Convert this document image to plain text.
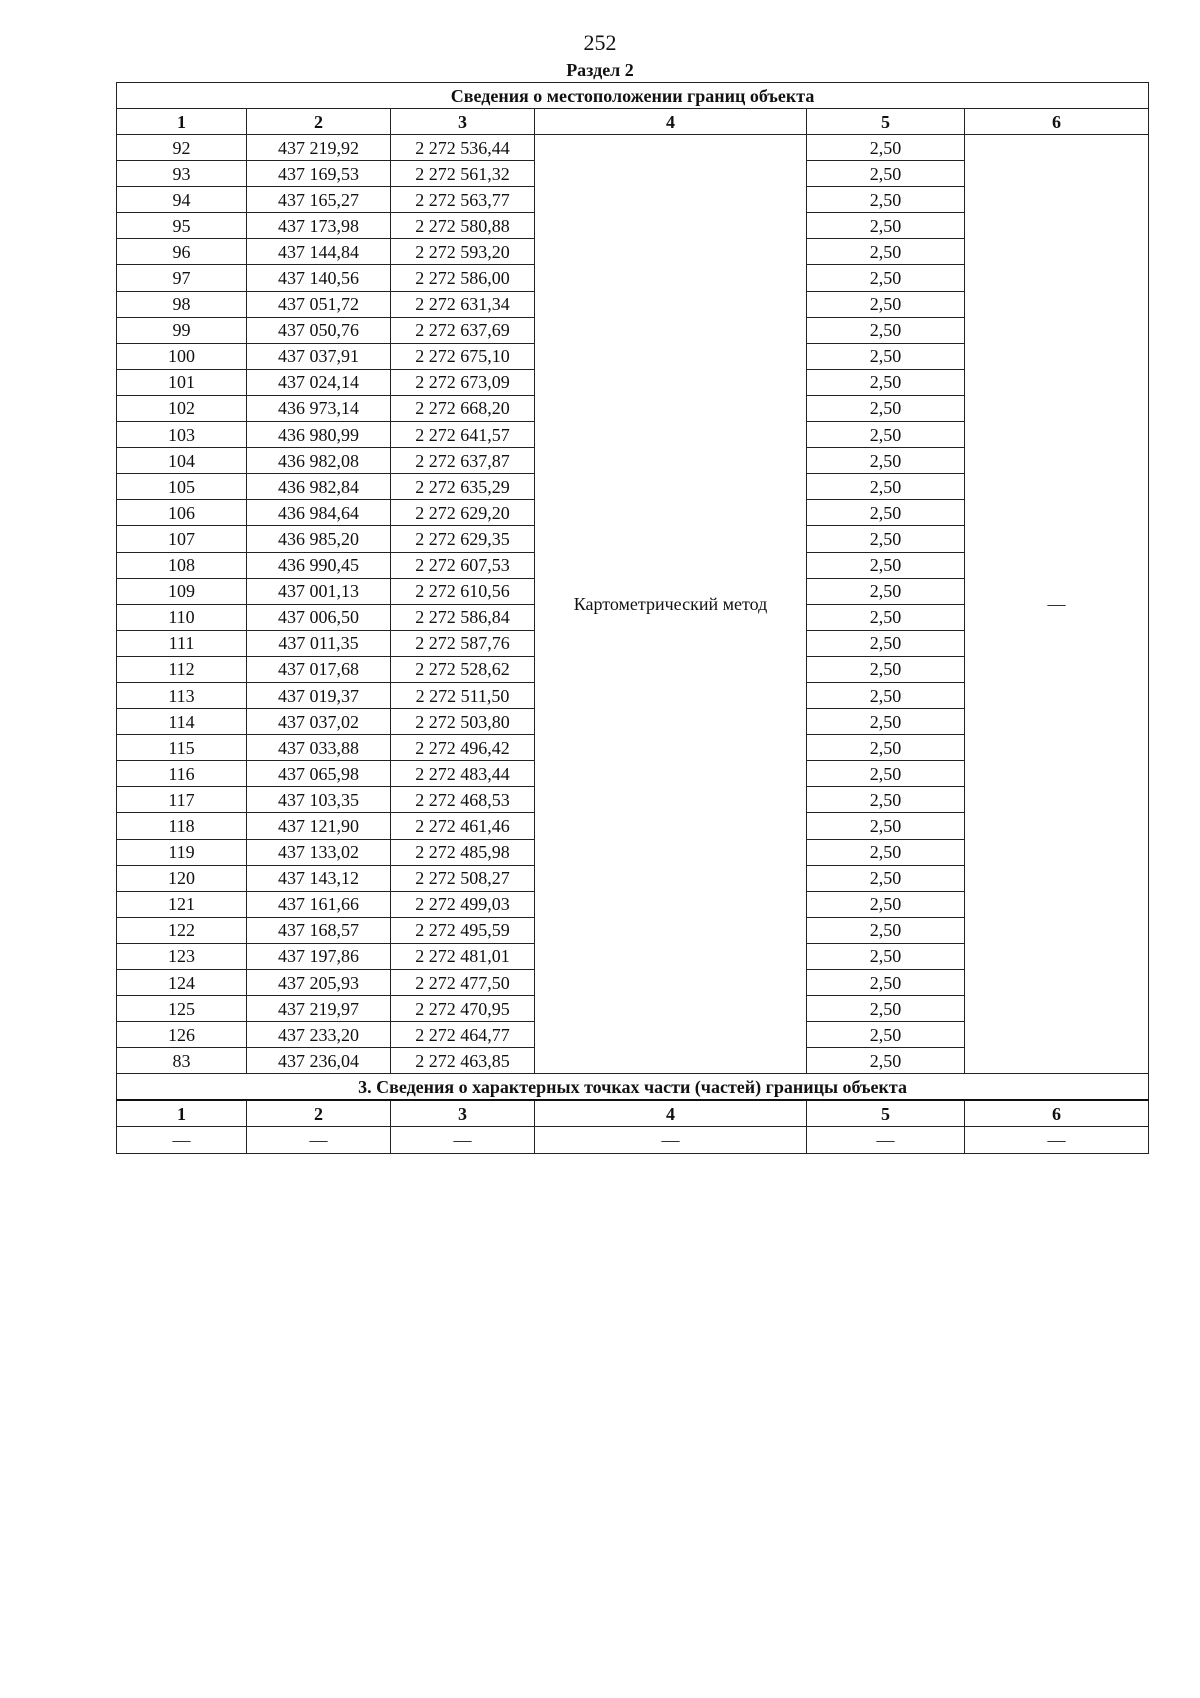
252
Раздел 2
Сведения о местоположении границ объекта					
1	2	3	4	5	6
92	437 219,92	2 272 536,44	Картометрический метод	2,50	—
93	437 169,53	2 272 561,32		2,50	
94	437 165,27	2 272 563,77		2,50	
95	437 173,98	2 272 580,88		2,50	
96	437 144,84	2 272 593,20		2,50	
97	437 140,56	2 272 586,00		2,50	
98	437 051,72	2 272 631,34		2,50	
99	437 050,76	2 272 637,69		2,50	
100	437 037,91	2 272 675,10		2,50	
101	437 024,14	2 272 673,09		2,50	
102	436 973,14	2 272 668,20		2,50	
103	436 980,99	2 272 641,57		2,50	
104	436 982,08	2 272 637,87		2,50	
105	436 982,84	2 272 635,29		2,50	
106	436 984,64	2 272 629,20		2,50	
107	436 985,20	2 272 629,35		2,50	
108	436 990,45	2 272 607,53		2,50	
109	437 001,13	2 272 610,56		2,50	
110	437 006,50	2 272 586,84		2,50	
111	437 011,35	2 272 587,76		2,50	
112	437 017,68	2 272 528,62		2,50	
113	437 019,37	2 272 511,50		2,50	
114	437 037,02	2 272 503,80		2,50	
115	437 033,88	2 272 496,42		2,50	
116	437 065,98	2 272 483,44		2,50	
117	437 103,35	2 272 468,53		2,50	
118	437 121,90	2 272 461,46		2,50	
119	437 133,02	2 272 485,98		2,50	
120	437 143,12	2 272 508,27		2,50	
121	437 161,66	2 272 499,03		2,50	
122	437 168,57	2 272 495,59		2,50	
123	437 197,86	2 272 481,01		2,50	
124	437 205,93	2 272 477,50		2,50	
125	437 219,97	2 272 470,95		2,50	
126	437 233,20	2 272 464,77		2,50	
83	437 236,04	2 272 463,85		2,50	
3. Сведения о характерных точках части (частей) границы объекта					
1	2	3	4	5	6
—	—	—	—	—	—
